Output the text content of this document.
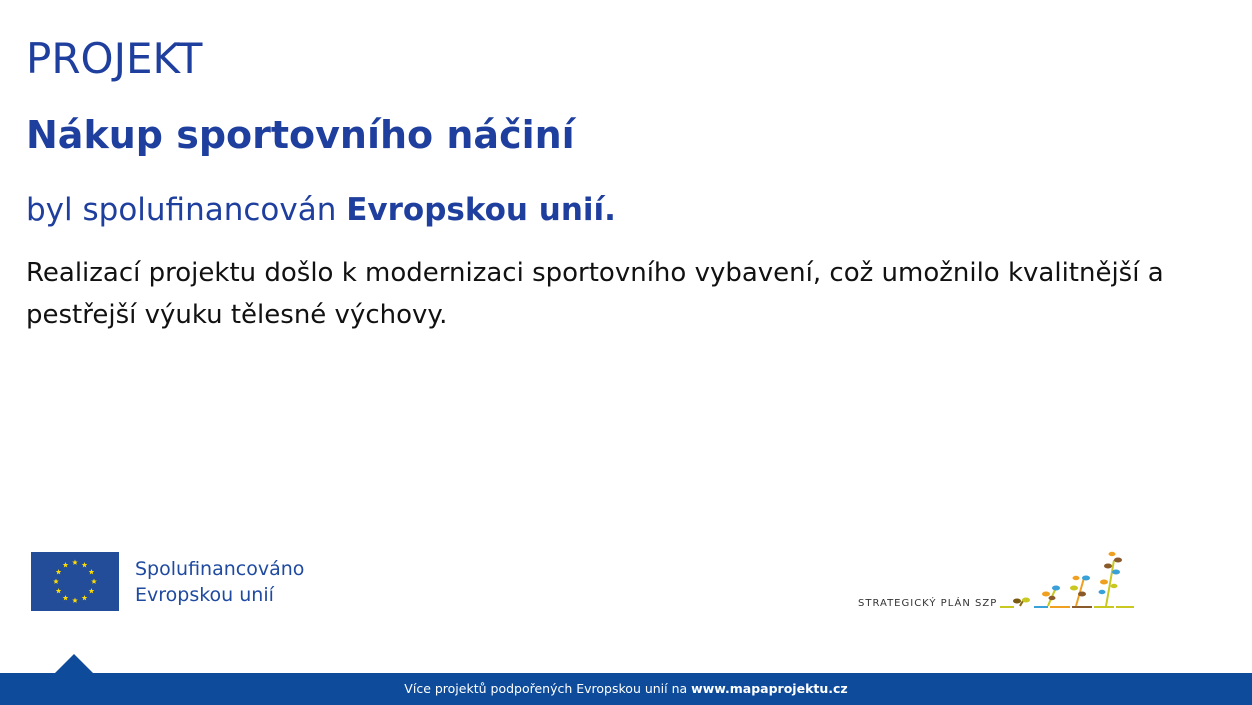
PROJEKT
Nákup sportovního náčiní
byl spolufinancován Evropskou unií.
Realizací projektu došlo k modernizaci sportovního vybavení, což umožnilo kvalitnější a pestřejší výuku tělesné výchovy.
Spolufinancováno
Evropskou unií	STRATEGICKÝ PLÁN SZP
Více projektů podpořených Evropskou unií na www.mapaprojektu.cz
